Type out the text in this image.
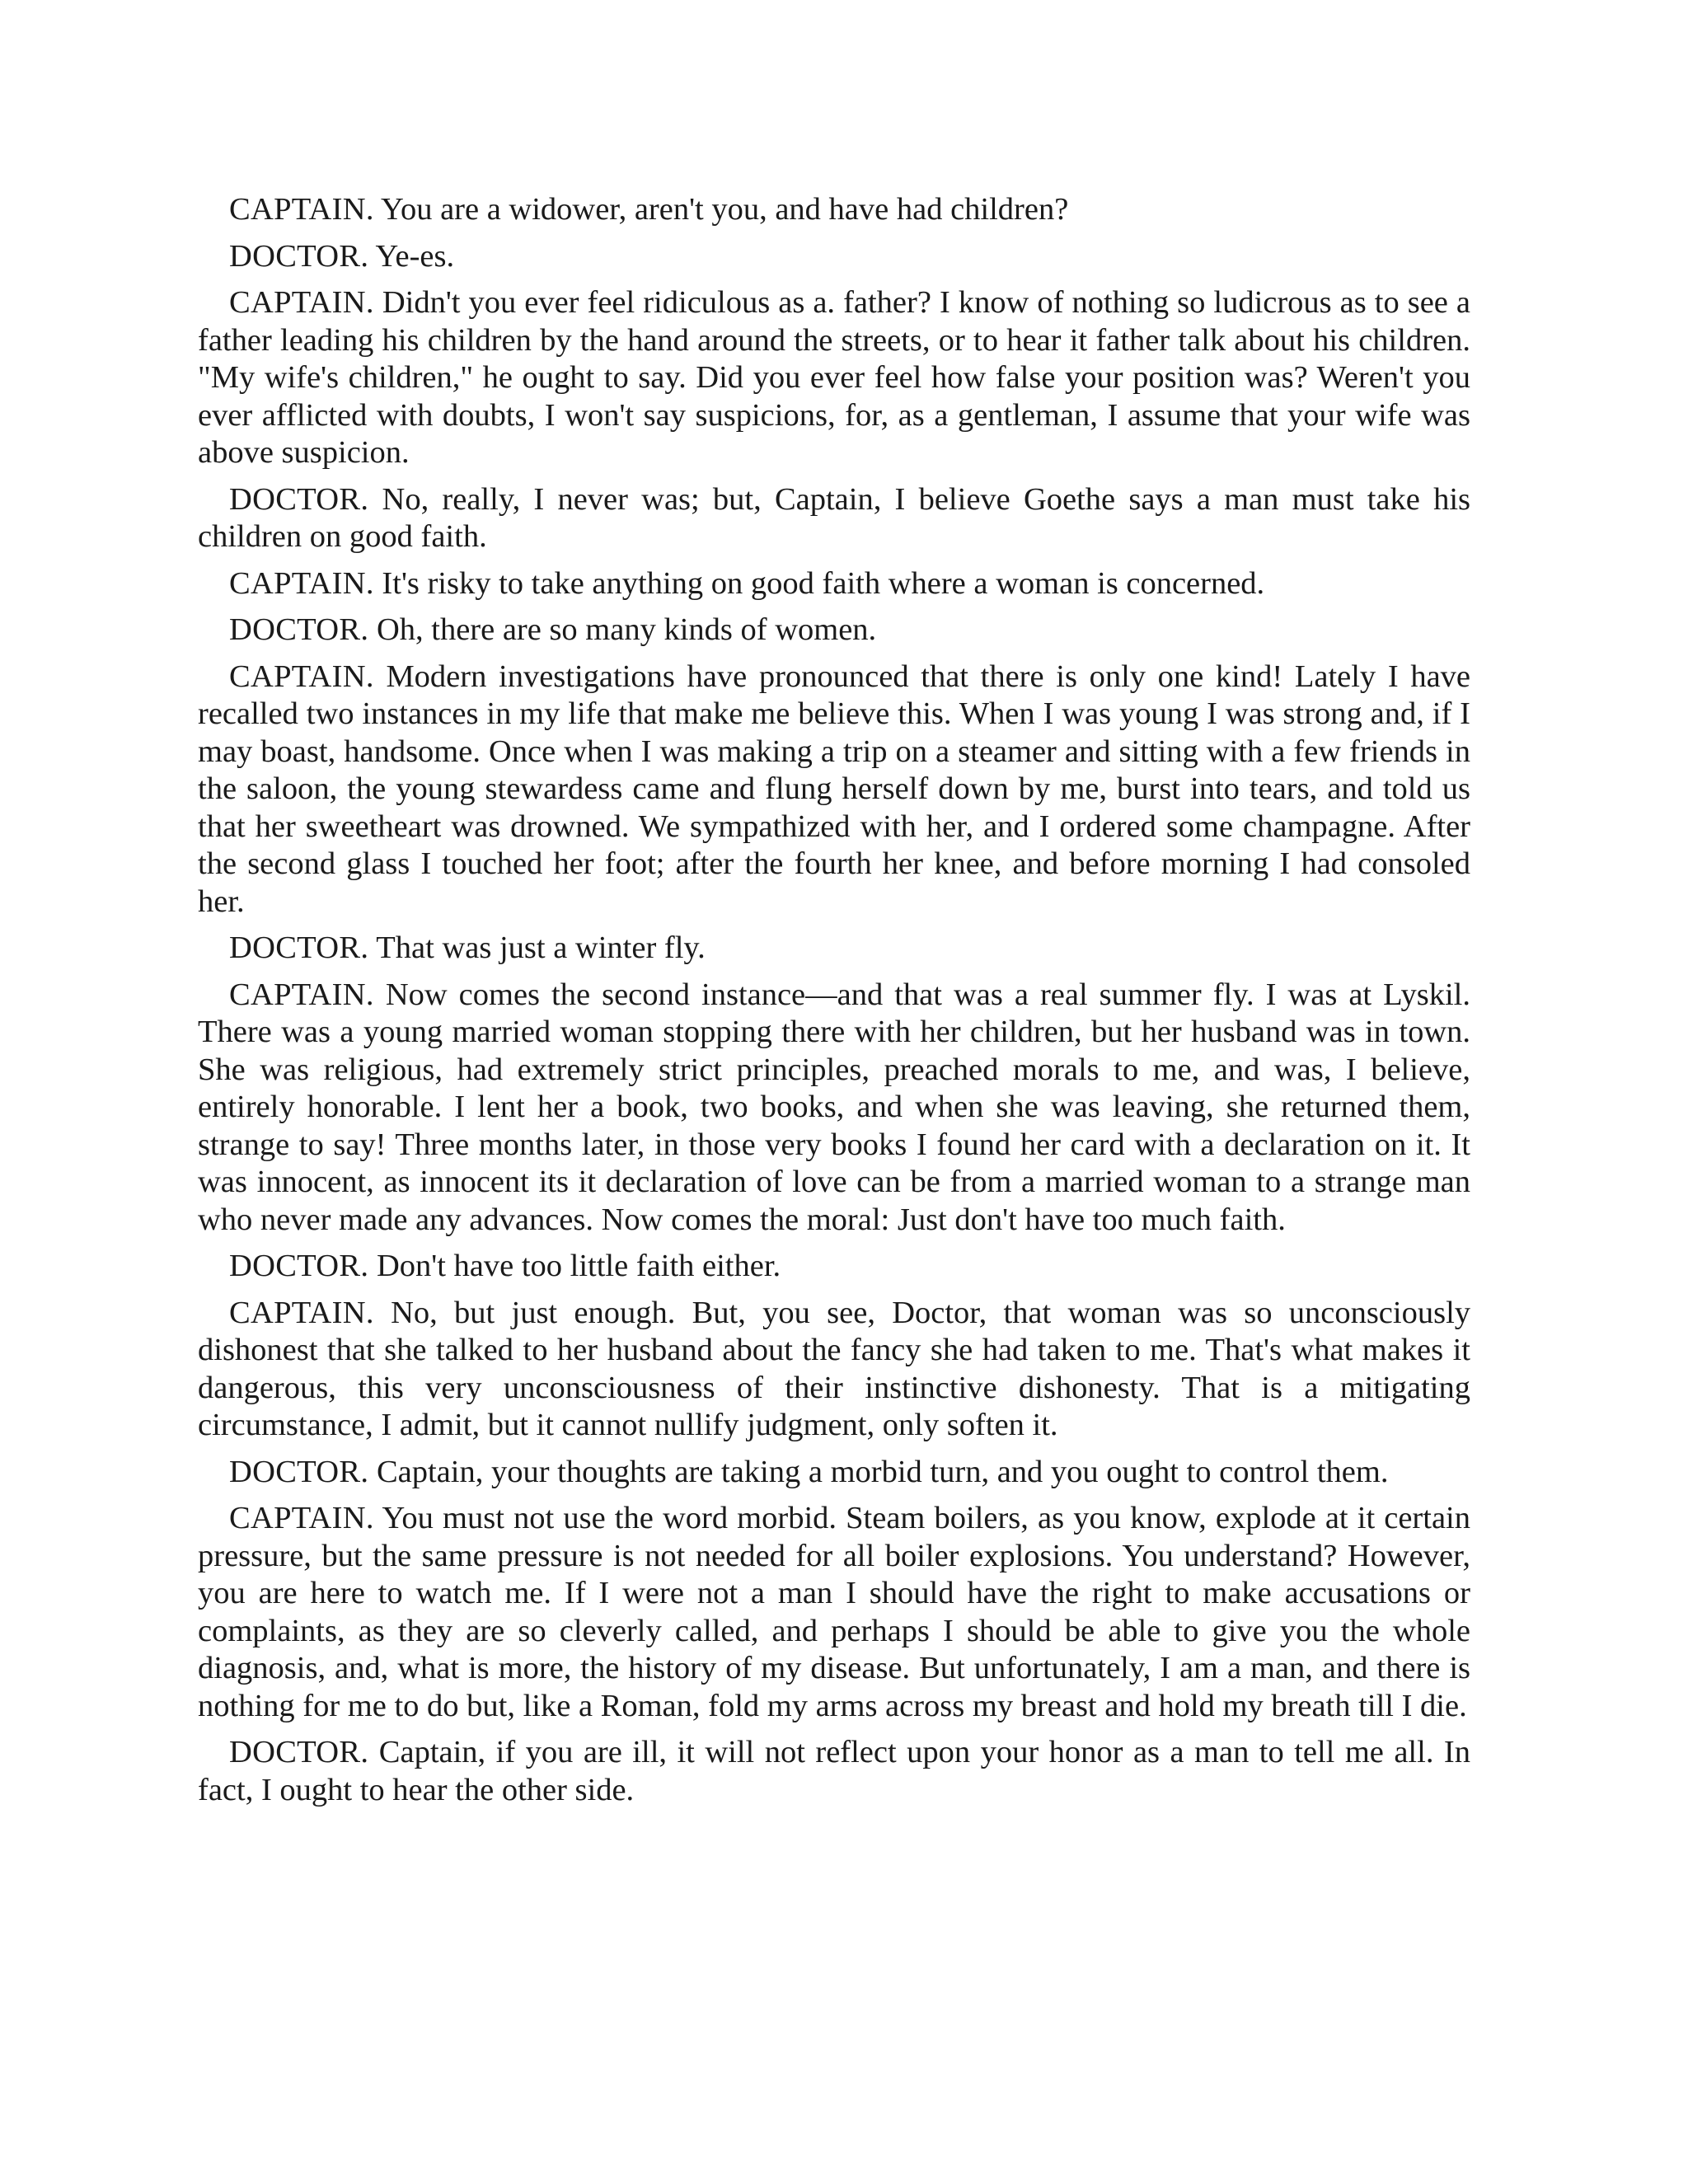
CAPTAIN. You are a widower, aren't you, and have had children?

DOCTOR. Ye-es.

CAPTAIN. Didn't you ever feel ridiculous as a. father? I know of nothing so ludicrous as to see a father leading his children by the hand around the streets, or to hear it father talk about his children. "My wife's children," he ought to say. Did you ever feel how false your position was? Weren't you ever afflicted with doubts, I won't say suspicions, for, as a gentleman, I assume that your wife was above suspicion.

DOCTOR. No, really, I never was; but, Captain, I believe Goethe says a man must take his children on good faith.

CAPTAIN. It's risky to take anything on good faith where a woman is concerned.

DOCTOR. Oh, there are so many kinds of women.

CAPTAIN. Modern investigations have pronounced that there is only one kind! Lately I have recalled two instances in my life that make me believe this. When I was young I was strong and, if I may boast, handsome. Once when I was making a trip on a steamer and sitting with a few friends in the saloon, the young stewardess came and flung herself down by me, burst into tears, and told us that her sweetheart was drowned. We sympathized with her, and I ordered some champagne. After the second glass I touched her foot; after the fourth her knee, and before morning I had consoled her.

DOCTOR. That was just a winter fly.

CAPTAIN. Now comes the second instance—and that was a real summer fly. I was at Lyskil. There was a young married woman stopping there with her children, but her husband was in town. She was religious, had extremely strict principles, preached morals to me, and was, I believe, entirely honorable. I lent her a book, two books, and when she was leaving, she returned them, strange to say! Three months later, in those very books I found her card with a declaration on it. It was innocent, as innocent its it declaration of love can be from a married woman to a strange man who never made any advances. Now comes the moral: Just don't have too much faith.

DOCTOR. Don't have too little faith either.

CAPTAIN. No, but just enough. But, you see, Doctor, that woman was so unconsciously dishonest that she talked to her husband about the fancy she had taken to me. That's what makes it dangerous, this very unconsciousness of their instinctive dishonesty. That is a mitigating circumstance, I admit, but it cannot nullify judgment, only soften it.

DOCTOR. Captain, your thoughts are taking a morbid turn, and you ought to control them.

CAPTAIN. You must not use the word morbid. Steam boilers, as you know, explode at it certain pressure, but the same pressure is not needed for all boiler explosions. You understand? However, you are here to watch me. If I were not a man I should have the right to make accusations or complaints, as they are so cleverly called, and perhaps I should be able to give you the whole diagnosis, and, what is more, the history of my disease. But unfortunately, I am a man, and there is nothing for me to do but, like a Roman, fold my arms across my breast and hold my breath till I die.

DOCTOR. Captain, if you are ill, it will not reflect upon your honor as a man to tell me all. In fact, I ought to hear the other side.
